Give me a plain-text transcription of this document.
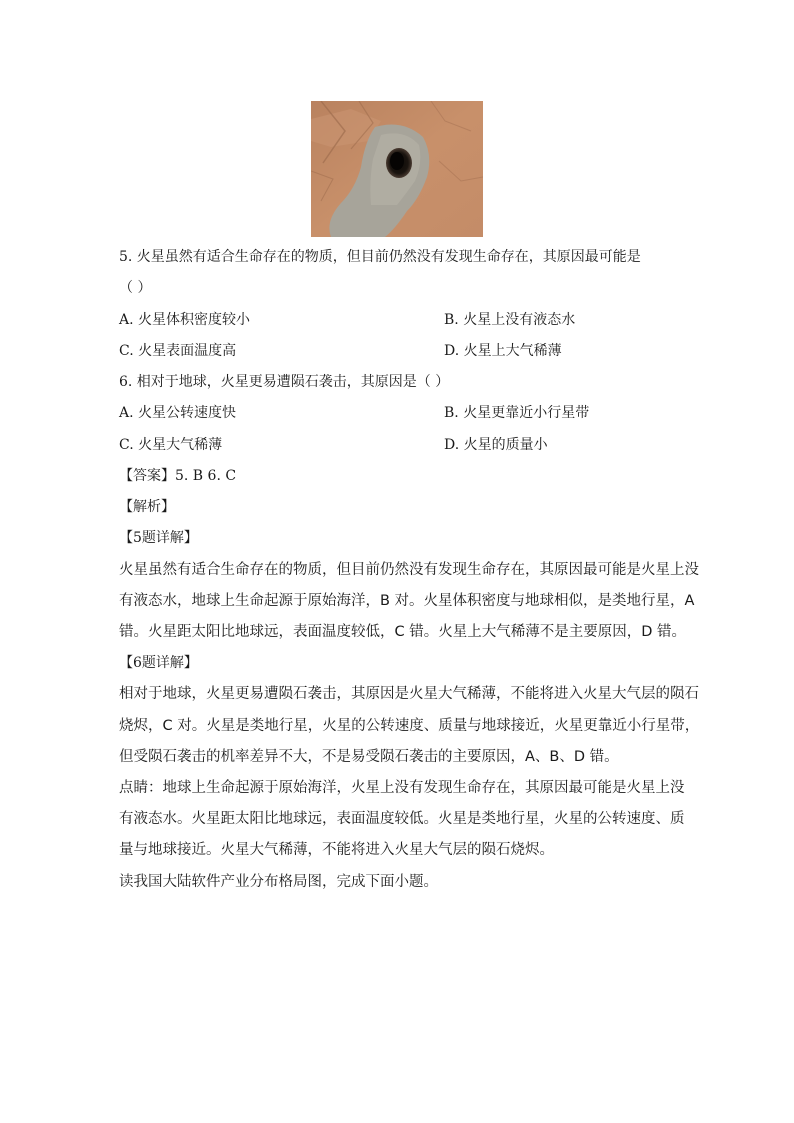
5. 火星虽然有适合生命存在的物质，但目前仍然没有发现生命存在，其原因最可能是
（ ）
A. 火星体积密度较小	B. 火星上没有液态水
C. 火星表面温度高	D. 火星上大气稀薄
6. 相对于地球，火星更易遭陨石袭击，其原因是（ ）
A. 火星公转速度快	B. 火星更靠近小行星带
C. 火星大气稀薄	D. 火星的质量小
【答案】5. B 6. C
【解析】
【5题详解】
火星虽然有适合生命存在的物质，但目前仍然没有发现生命存在，其原因最可能是火星上没
有液态水，地球上生命起源于原始海洋，B 对。火星体积密度与地球相似，是类地行星，A
错。火星距太阳比地球远，表面温度较低，C 错。火星上大气稀薄不是主要原因，D 错。
【6题详解】
相对于地球，火星更易遭陨石袭击，其原因是火星大气稀薄，不能将进入火星大气层的陨石
烧烬，C 对。火星是类地行星，火星的公转速度、质量与地球接近，火星更靠近小行星带，
但受陨石袭击的机率差异不大，不是易受陨石袭击的主要原因，A、B、D 错。
点睛：地球上生命起源于原始海洋，火星上没有发现生命存在，其原因最可能是火星上没
有液态水。火星距太阳比地球远，表面温度较低。火星是类地行星，火星的公转速度、质
量与地球接近。火星大气稀薄，不能将进入火星大气层的陨石烧烬。
读我国大陆软件产业分布格局图，完成下面小题。
